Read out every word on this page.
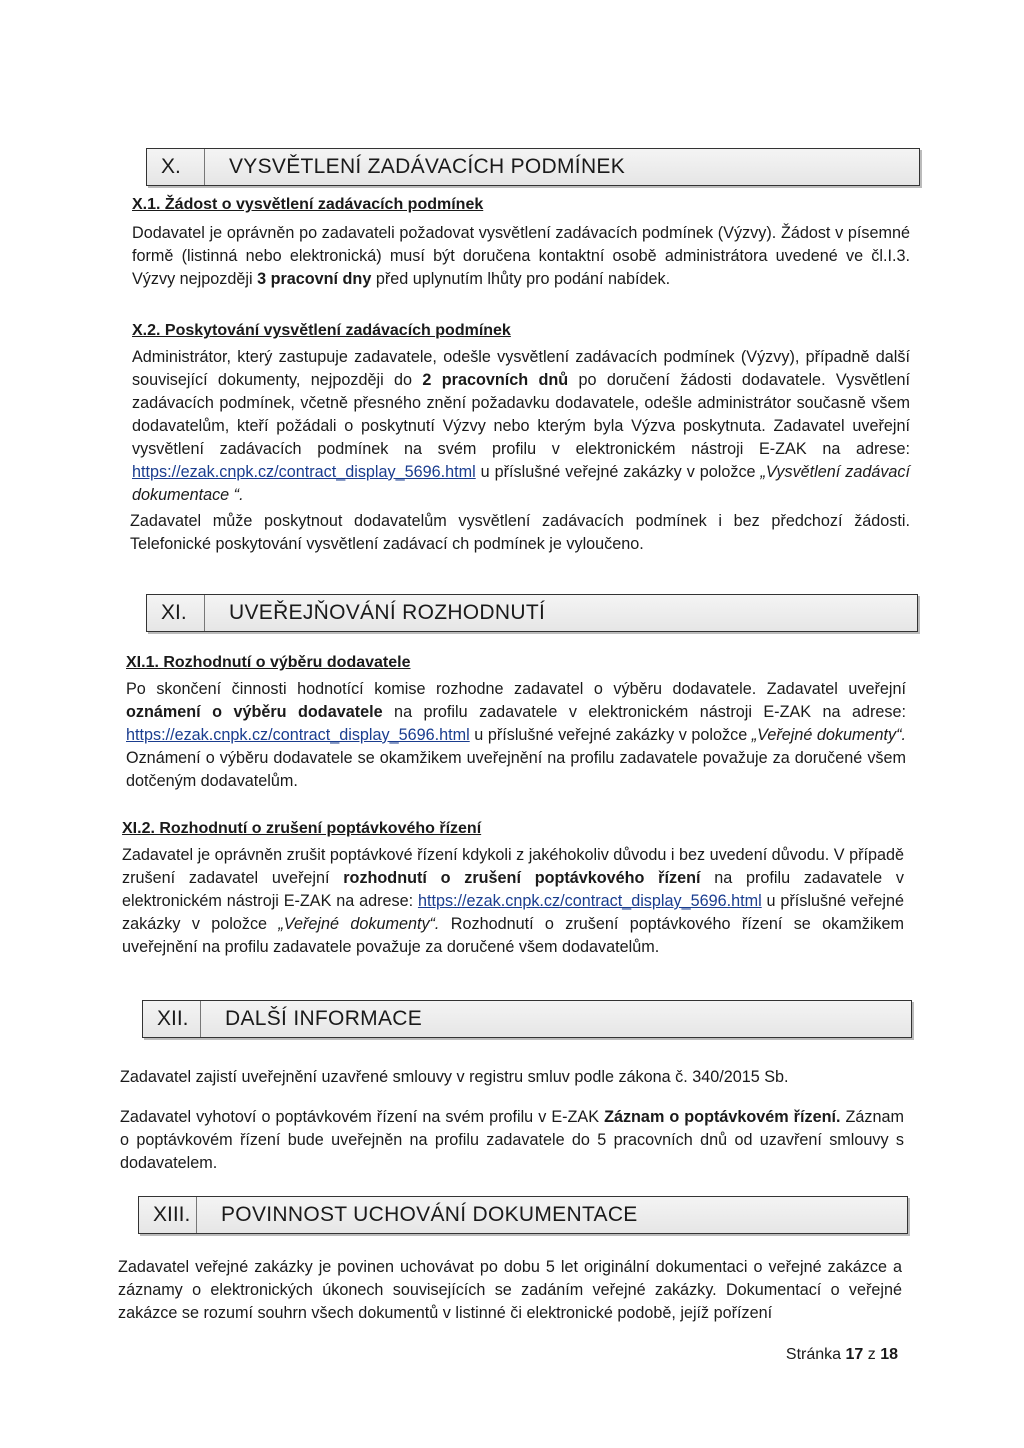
X.	VYSVĚTLENÍ ZADÁVACÍCH PODMÍNEK
X.1. Žádost o vysvětlení zadávacích podmínek

Dodavatel je oprávněn po zadavateli požadovat vysvětlení zadávacích podmínek (Výzvy). Žádost v písemné formě (listinná nebo elektronická) musí být doručena kontaktní osobě administrátora uvedené ve čl.I.3. Výzvy nejpozději 3 pracovní dny před uplynutím lhůty pro podání nabídek.

X.2. Poskytování vysvětlení zadávacích podmínek

Administrátor, který zastupuje zadavatele, odešle vysvětlení zadávacích podmínek (Výzvy), případně další související dokumenty, nejpozději do 2 pracovních dnů po doručení žádosti dodavatele. Vysvětlení zadávacích podmínek, včetně přesného znění požadavku dodavatele, odešle administrátor současně všem dodavatelům, kteří požádali o poskytnutí Výzvy nebo kterým byla Výzva poskytnuta. Zadavatel uveřejní vysvětlení zadávacích podmínek na svém profilu v elektronickém nástroji E-ZAK na adrese: https://ezak.cnpk.cz/contract_display_5696.html u příslušné veřejné zakázky v položce „Vysvětlení zadávací dokumentace “.

Zadavatel může poskytnout dodavatelům vysvětlení zadávacích podmínek i bez předchozí žádosti. Telefonické poskytování vysvětlení zadávací ch podmínek je vyloučeno.

XI.	UVEŘEJŇOVÁNÍ ROZHODNUTÍ
XI.1. Rozhodnutí o výběru dodavatele

Po skončení činnosti hodnotící komise rozhodne zadavatel o výběru dodavatele. Zadavatel uveřejní oznámení o výběru dodavatele na profilu zadavatele v elektronickém nástroji E-ZAK na adrese: https://ezak.cnpk.cz/contract_display_5696.html u příslušné veřejné zakázky v položce „Veřejné dokumenty“. Oznámení o výběru dodavatele se okamžikem uveřejnění na profilu zadavatele považuje za doručené všem dotčeným dodavatelům.

XI.2. Rozhodnutí o zrušení poptávkového řízení

Zadavatel je oprávněn zrušit poptávkové řízení kdykoli z jakéhokoliv důvodu i bez uvedení důvodu. V případě zrušení zadavatel uveřejní rozhodnutí o zrušení poptávkového řízení na profilu zadavatele v elektronickém nástroji E-ZAK na adrese: https://ezak.cnpk.cz/contract_display_5696.html u příslušné veřejné zakázky v položce „Veřejné dokumenty“. Rozhodnutí o zrušení poptávkového řízení se okamžikem uveřejnění na profilu zadavatele považuje za doručené všem dodavatelům.

XII.	DALŠÍ INFORMACE

Zadavatel zajistí uveřejnění uzavřené smlouvy v registru smluv podle zákona č. 340/2015 Sb.

Zadavatel vyhotoví o poptávkovém řízení na svém profilu v E-ZAK Záznam o poptávkovém řízení. Záznam o poptávkovém řízení bude uveřejněn na profilu zadavatele do 5 pracovních dnů od uzavření smlouvy s dodavatelem.

XIII.	POVINNOST UCHOVÁNÍ DOKUMENTACE

Zadavatel veřejné zakázky je povinen uchovávat po dobu 5 let originální dokumentaci o veřejné zakázce a záznamy o elektronických úkonech souvisejících se zadáním veřejné zakázky. Dokumentací o veřejné zakázce se rozumí souhrn všech dokumentů v listinné či elektronické podobě, jejíž pořízení

Stránka 17 z 18
